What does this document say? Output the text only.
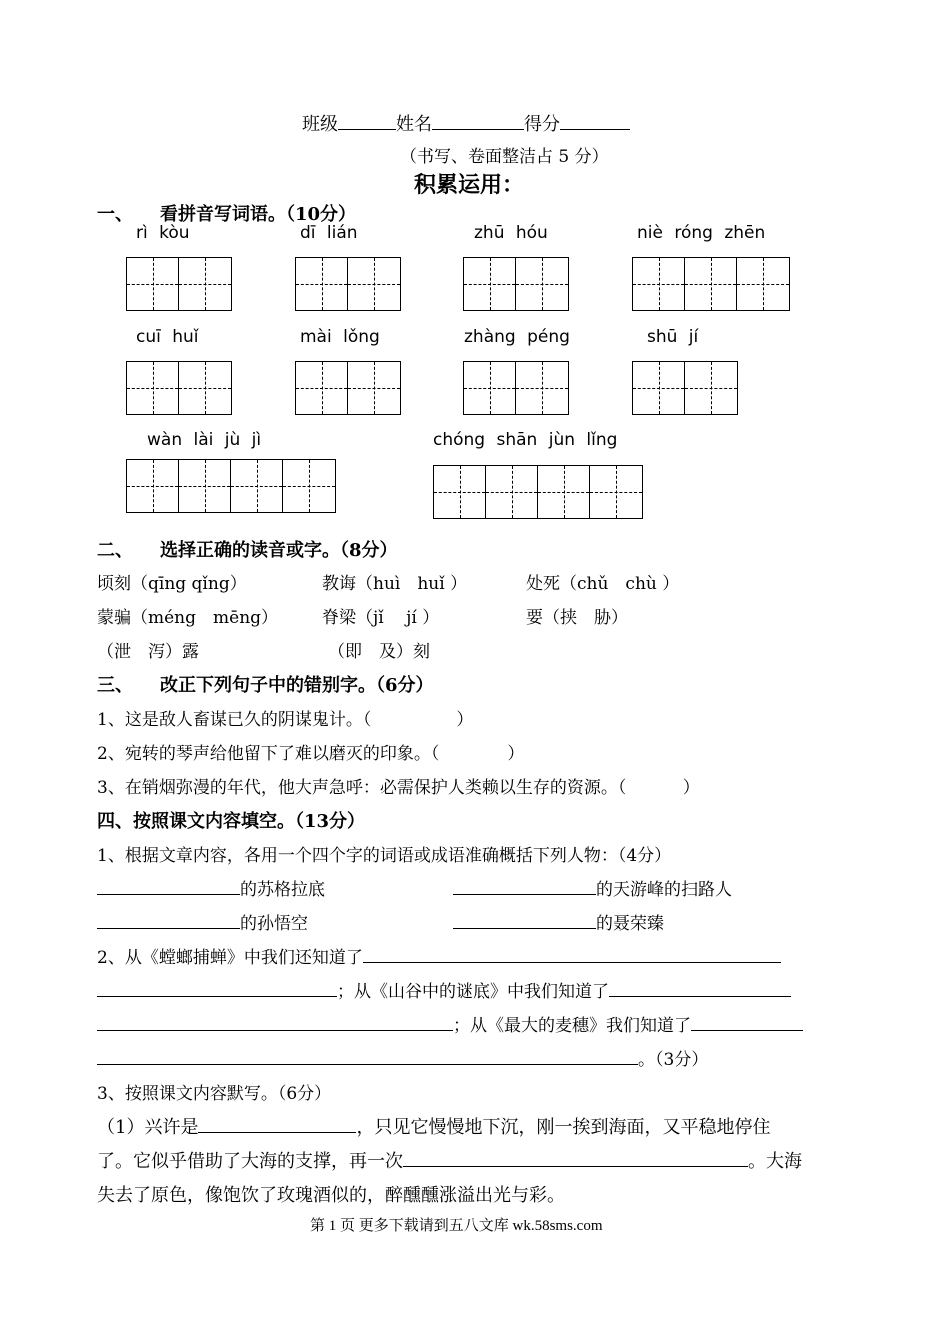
班级	姓名	得分
（书写、卷面整洁占 5 分）
积累运用：
一、　　看拼音写词语。（10分）
rì kòu	dī lián	zhū hóu	niè róng zhēn
cuī huǐ	mài lǒng	zhàng péng	shū jí
wàn lài jù jì	chóng shān jùn lǐng
二、　　选择正确的读音或字。（8分）
顷刻（qīng qǐng）	教诲（huì　huǐ ）	处死（chǔ　chù ）
蒙骗（méng　mēng）	脊梁（jǐ　 jí ）	要（挟　胁）
（泄　泻）露	（即　及）刻
三、　　改正下列句子中的错别字。（6分）
1、这是敌人畜谋已久的阴谋鬼计。（　　　　　）
2、宛转的琴声给他留下了难以磨灭的印象。（　　　　）
3、在销烟弥漫的年代，他大声急呼：必需保护人类赖以生存的资源。（　　　 ）
四、按照课文内容填空。（13分）
1、根据文章内容，各用一个四个字的词语或成语准确概括下列人物：（4分）
的苏格拉底	的天游峰的扫路人
的孙悟空	的聂荣臻
2、从《螳螂捕蝉》中我们还知道了
；从《山谷中的谜底》中我们知道了
；从《最大的麦穗》我们知道了
。（3分）
3、按照课文内容默写。（6分）
（1）兴许是	，只见它慢慢地下沉，刚一挨到海面，又平稳地停住
了。它似乎借助了大海的支撑，再一次	。大海
失去了原色，像饱饮了玫瑰酒似的，醉醺醺涨溢出光与彩。
第 1 页 更多下载请到五八文库 wk.58sms.com
